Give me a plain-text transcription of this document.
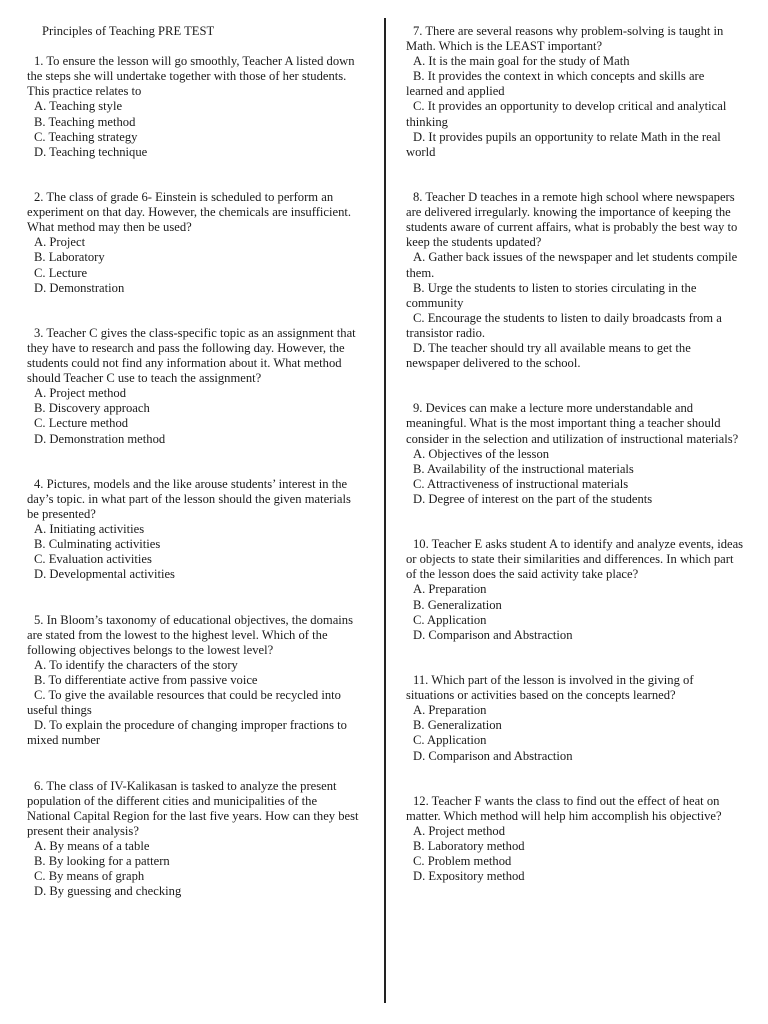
Principles of Teaching PRE TEST

1. To ensure the lesson will go smoothly, Teacher A listed down the steps she will undertake together with those of her students. This practice relates to

A. Teaching style

B. Teaching method

C. Teaching strategy

D. Teaching technique

2. The class of grade 6- Einstein is scheduled to perform an experiment on that day. However, the chemicals are insufficient. What method may then be used?

A. Project

B. Laboratory

C. Lecture

D. Demonstration

3. Teacher C gives the class-specific topic as an assignment that they have to research and pass the following day. However, the students could not find any information about it. What method should Teacher C use to teach the assignment?

A. Project method

B. Discovery approach

C. Lecture method

D. Demonstration method

4. Pictures, models and the like arouse students’ interest in the day’s topic. in what part of the lesson should the given materials be presented?

A. Initiating activities

B. Culminating activities

C. Evaluation activities

D. Developmental activities

5. In Bloom’s taxonomy of educational objectives, the domains are stated from the lowest to the highest level. Which of the following objectives belongs to the lowest level?

A. To identify the characters of the story

B. To differentiate active from passive voice

C. To give the available resources that could be recycled into useful things

D. To explain the procedure of changing improper fractions to mixed number

6. The class of IV-Kalikasan is tasked to analyze the present population of the different cities and municipalities of the National Capital Region for the last five years. How can they best present their analysis?

A. By means of a table

B. By looking for a pattern

C. By means of graph

D. By guessing and checking

7. There are several reasons why problem-solving is taught in Math. Which is the LEAST important?

A. It is the main goal for the study of Math

B. It provides the context in which concepts and skills are learned and applied

C. It provides an opportunity to develop critical and analytical thinking

D. It provides pupils an opportunity to relate Math in the real world

8. Teacher D teaches in a remote high school where newspapers are delivered irregularly. knowing the importance of keeping the students aware of current affairs, what is probably the best way to keep the students updated?

A. Gather back issues of the newspaper and let students compile them.

B. Urge the students to listen to stories circulating in the community

C. Encourage the students to listen to daily broadcasts from a transistor radio.

D. The teacher should try all available means to get the newspaper delivered to the school.

9. Devices can make a lecture more understandable and meaningful. What is the most important thing a teacher should consider in the selection and utilization of instructional materials?

A. Objectives of the lesson

B. Availability of the instructional materials

C. Attractiveness of instructional materials

D. Degree of interest on the part of the students

10. Teacher E asks student A to identify and analyze events, ideas or objects to state their similarities and differences. In which part of the lesson does the said activity take place?

A. Preparation

B. Generalization

C. Application

D. Comparison and Abstraction

11. Which part of the lesson is involved in the giving of situations or activities based on the concepts learned?

A. Preparation

B. Generalization

C. Application

D. Comparison and Abstraction

12. Teacher F wants the class to find out the effect of heat on matter. Which method will help him accomplish his objective?

A. Project method

B. Laboratory method

C. Problem method

D. Expository method
